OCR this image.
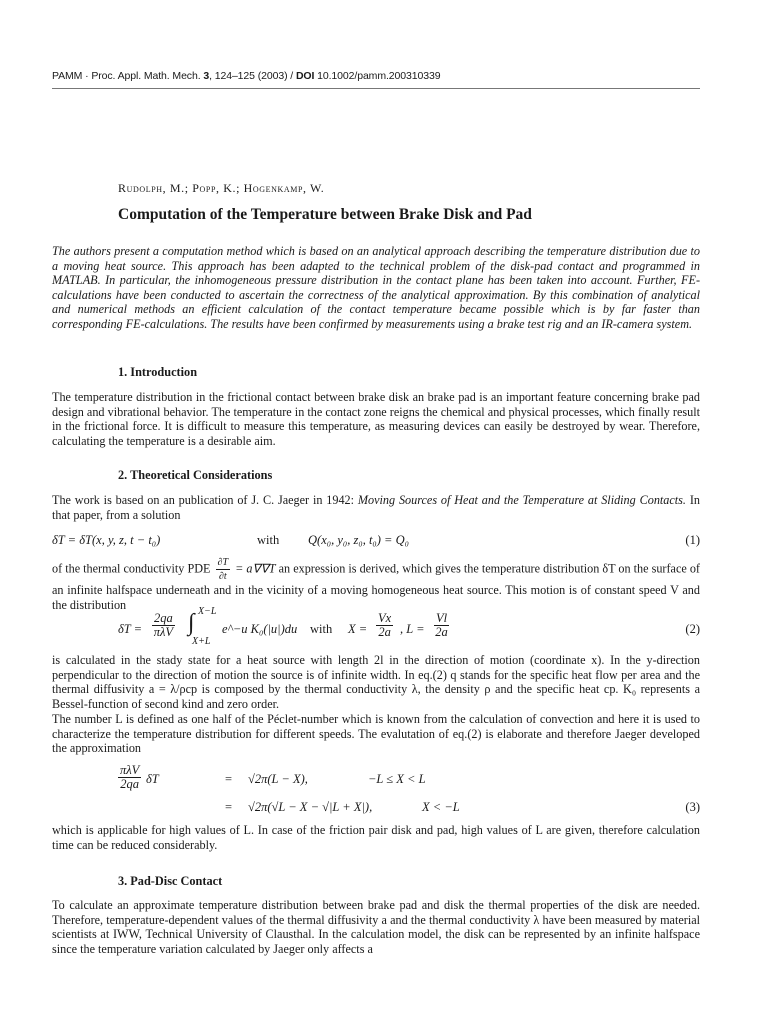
PAMM · Proc. Appl. Math. Mech. 3, 124–125 (2003) / DOI 10.1002/pamm.200310339
Rudolph, M.; Popp, K.; Hogenkamp, W.
Computation of the Temperature between Brake Disk and Pad

The authors present a computation method which is based on an analytical approach describing the temperature distribution due to a moving heat source. This approach has been adapted to the technical problem of the disk-pad contact and programmed in MATLAB. In particular, the inhomogeneous pressure distribution in the contact plane has been taken into account. Further, FE-calculations have been conducted to ascertain the correctness of the analytical approximation. By this combination of analytical and numerical methods an efficient calculation of the contact temperature became possible which is by far faster than corresponding FE-calculations. The results have been confirmed by measurements using a brake test rig and an IR-camera system.

1. Introduction

The temperature distribution in the frictional contact between brake disk an brake pad is an important feature concerning brake pad design and vibrational behavior. The temperature in the contact zone reigns the chemical and physical processes, which finally result in the frictional force. It is difficult to measure this temperature, as measuring devices can easily be destroyed by wear. Therefore, calculating the temperature is a desirable aim.

2. Theoretical Considerations

The work is based on an publication of J. C. Jaeger in 1942: Moving Sources of Heat and the Temperature at Sliding Contacts. In that paper, from a solution

δT = δT(x, y, z, t − t₀)	with Q(x₀, y₀, z₀, t₀) = Q₀	(1)

of the thermal conductivity PDE $\frac{\partial T}{\partial t} = a\nabla\nabla T$ an expression is derived, which gives the temperature distribution δT on the surface of an infinite halfspace underneath and in the vicinity of a moving homogeneous heat source. This motion is of constant speed V and the distribution

δT =
2qa
πλV ∫ X−L
X+L
e^−u K₀(|u|)du with $X = \frac{Vx}{2a}$ , $L = \frac{Vl}{2a}$	(2)

is calculated in the stady state for a heat source with length 2l in the direction of motion (coordinate x). In the y-direction perpendicular to the direction of motion the source is of infinite width. In eq.(2) q stands for the specific heat flow per area and the thermal diffusivity a = λ/ρcp is composed by the thermal conductivity λ, the density ρ and the specific heat cp. K₀ represents a Bessel-function of second kind and zero order.

The number L is defined as one half of the Péclet-number which is known from the calculation of convection and here it is used to characterize the temperature distribution for different speeds. The evalutation of eq.(2) is elaborate and therefore Jaeger developed the approximation

πλV
2qa δT	= √2π(L − X),	−L ≤ X < L
= √2π(√L − X − √|L + X|),	X < −L	(3)

which is applicable for high values of L. In case of the friction pair disk and pad, high values of L are given, therefore calculation time can be reduced considerably.

3. Pad-Disc Contact

To calculate an approximate temperature distribution between brake pad and disk the thermal properties of the disk are needed. Therefore, temperature-dependent values of the thermal diffusivity a and the thermal conductivity λ have been measured by material scientists at IWW, Technical University of Clausthal. In the calculation model, the disk can be represented by an infinite halfspace since the temperature variation calculated by Jaeger only affects a
